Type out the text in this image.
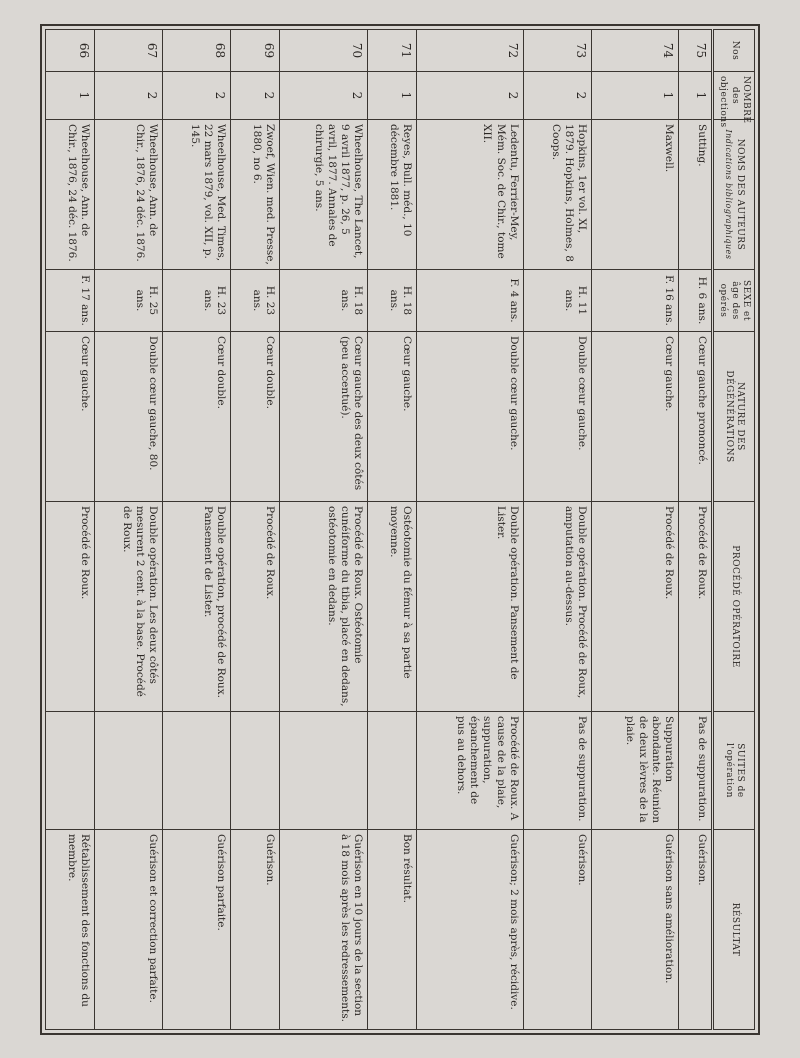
Nos	NOMBRE des objections	NOMS DES AUTEURS
Indications bibliographiques	SEXE et âge des opérés	NATURE DES DÉGÉNÉRATIONS	PROCÉDÉ OPÉRATOIRE	SUITES de l'opération	RÉSULTAT
75	1	Sutting.	H. 6 ans.	Cœur gauche prononcé.	Procédé de Roux.	Pas de suppuration.	Guérison.
74	1	Maxwell.	F. 16 ans.	Cœur gauche.	Procédé de Roux.	Suppuration abondante. Réunion de deux lèvres de la plaie.	Guérison sans amélioration.
73	2	Hopkins, 1er vol. XI, 1879. Hopkins, Holmes, 8 Coops.	H. 11 ans.	Double cœur gauche.	Double opération. Procédé de Roux, amputation au-dessus.	Pas de suppuration.	Guérison.
72	2	Ledentu, Ferrier-Mey, Mém. Soc. de Chir., tome XII.	F. 4 ans.	Double cœur gauche.	Double opération. Pansement de Lister.	Procédé de Roux. A cause de la plaie, suppuration, épanchement de pus au dehors.	Guérison; 2 mois après, récidive.
71	1	Reyes, Bull. méd., 10 décembre 1881.	H. 18 ans.	Cœur gauche.	Ostéotomie du fémur à sa partie moyenne.		Bon résultat.
70	2	Wheelhouse, The Lancet, 9 avril 1877, p. 26, 5 avril, 1877. Annales de chirurgie, 5 ans.	H. 18 ans.	Cœur gauche des deux côtés (peu accentué).	Procédé de Roux. Ostéotomie cunéiforme du tibia, placé en dedans, ostéotomie en dedans.		Guérison en 10 jours de la section à 18 mois après les redressements.
69	2	Zwoef, Wien. med. Presse, 1880, no 6.	H. 23 ans.	Cœur double.	Procédé de Roux.		Guérison.
68	2	Wheelhouse, Med. Times, 22 mars 1879, vol. XII, p. 145.	H. 23 ans.	Cœur double.	Double opération, procédé de Roux. Pansement de Lister.		Guérison parfaite.
67	2	Wheelhouse, Ann. de Chir., 1876, 24 déc. 1876.	H. 25 ans.	Double cœur gauche, 80.	Double opération. Les deux côtés mesurent 2 cent. à la base. Procédé de Roux.		Guérison et correction parfaite.
66	1	Wheelhouse, Ann. de Chir., 1876, 24 déc. 1876.	F. 17 ans.	Cœur gauche.	Procédé de Roux.		Rétablissement des fonctions du membre.
